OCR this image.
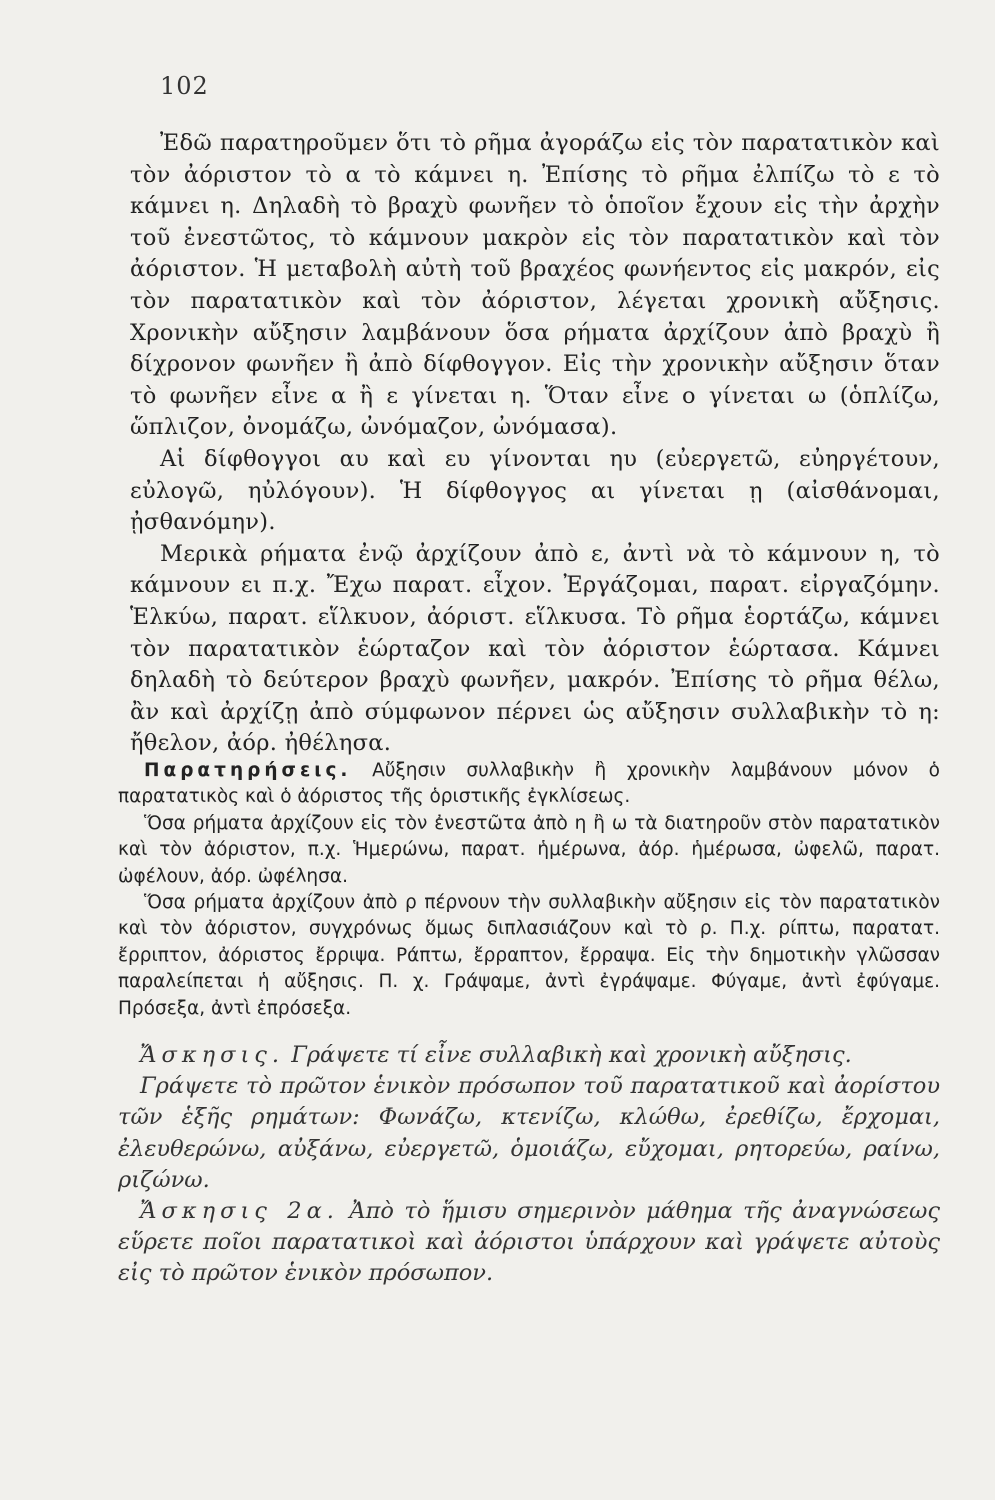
102

Ἐδῶ παρατηροῦμεν ὅτι τὸ ρῆμα ἀγοράζω εἰς τὸν παρατατικὸν καὶ τὸν ἀόριστον τὸ α τὸ κάμνει η. Ἐπίσης τὸ ρῆμα ἐλπίζω τὸ ε τὸ κάμνει η. Δηλαδὴ τὸ βραχὺ φωνῆεν τὸ ὁποῖον ἔχουν εἰς τὴν ἀρχὴν τοῦ ἐνεστῶτος, τὸ κάμνουν μακρὸν εἰς τὸν παρατατικὸν καὶ τὸν ἀόριστον. Ἡ μεταβολὴ αὐτὴ τοῦ βραχέος φωνήεντος εἰς μακρόν, εἰς τὸν παρατατικὸν καὶ τὸν ἀόριστον, λέγεται χρονικὴ αὔξησις. Χρονικὴν αὔξησιν λαμβάνουν ὅσα ρήματα ἀρχίζουν ἀπὸ βραχὺ ἢ δίχρονον φωνῆεν ἢ ἀπὸ δίφθογγον. Εἰς τὴν χρονικὴν αὔξησιν ὅταν τὸ φωνῆεν εἶνε α ἢ ε γίνεται η. Ὅταν εἶνε ο γίνεται ω (ὁπλίζω, ὥπλιζον, ὀνομάζω, ὠνόμαζον, ὠνόμασα).

Αἱ δίφθογγοι αυ καὶ ευ γίνονται ηυ (εὐεργετῶ, εὐηργέτουν, εὐλογῶ, ηὐλόγουν). Ἡ δίφθογγος αι γίνεται ῃ (αἰσθάνομαι, ᾐσθανόμην).

Μερικὰ ρήματα ἐνῷ ἀρχίζουν ἀπὸ ε, ἀντὶ νὰ τὸ κάμνουν η, τὸ κάμνουν ει π.χ. Ἔχω παρατ. εἶχον. Ἐργάζομαι, παρατ. εἰργαζόμην. Ἑλκύω, παρατ. εἵλκυον, ἀόριστ. εἵλκυσα. Τὸ ρῆμα ἑορτάζω, κάμνει τὸν παρατατικὸν ἑώρταζον καὶ τὸν ἀόριστον ἑώρτασα. Κάμνει δηλαδὴ τὸ δεύτερον βραχὺ φωνῆεν, μακρόν. Ἐπίσης τὸ ρῆμα θέλω, ἂν καὶ ἀρχίζῃ ἀπὸ σύμφωνον πέρνει ὡς αὔξησιν συλλαβικὴν τὸ η: ἤθελον, ἀόρ. ἠθέλησα.

Παρατηρήσεις. Αὔξησιν συλλαβικὴν ἢ χρονικὴν λαμβάνουν μόνον ὁ παρατατικὸς καὶ ὁ ἀόριστος τῆς ὁριστικῆς ἐγκλίσεως.

Ὅσα ρήματα ἀρχίζουν εἰς τὸν ἐνεστῶτα ἀπὸ η ἢ ω τὰ διατηροῦν στὸν παρατατικὸν καὶ τὸν ἀόριστον, π.χ. Ἡμερώνω, παρατ. ἡμέρωνα, ἀόρ. ἡμέρωσα, ὠφελῶ, παρατ. ὠφέλουν, ἀόρ. ὠφέλησα.

Ὅσα ρήματα ἀρχίζουν ἀπὸ ρ πέρνουν τὴν συλλαβικὴν αὔξησιν εἰς τὸν παρατατικὸν καὶ τὸν ἀόριστον, συγχρόνως ὅμως διπλασιάζουν καὶ τὸ ρ. Π.χ. ρίπτω, παρατατ. ἔρριπτον, ἀόριστος ἔρριψα. Ράπτω, ἔρραπτον, ἔρραψα. Εἰς τὴν δημοτικὴν γλῶσσαν παραλείπεται ἡ αὔξησις. Π. χ. Γράψαμε, ἀντὶ ἐγράψαμε. Φύγαμε, ἀντὶ ἐφύγαμε. Πρόσεξα, ἀντὶ ἐπρόσεξα.

Ἄσκησις. Γράψετε τί εἶνε συλλαβικὴ καὶ χρονικὴ αὔξησις.

Γράψετε τὸ πρῶτον ἑνικὸν πρόσωπον τοῦ παρατατικοῦ καὶ ἀορίστου τῶν ἑξῆς ρημάτων: Φωνάζω, κτενίζω, κλώθω, ἐρεθίζω, ἔρχομαι, ἐλευθερώνω, αὐξάνω, εὐεργετῶ, ὁμοιάζω, εὔχομαι, ρητορεύω, ραίνω, ριζώνω.

Ἄσκησις 2α. Ἀπὸ τὸ ἥμισυ σημερινὸν μάθημα τῆς ἀναγνώσεως εὕρετε ποῖοι παρατατικοὶ καὶ ἀόριστοι ὑπάρχουν καὶ γράψετε αὐτοὺς εἰς τὸ πρῶτον ἑνικὸν πρόσωπον.
